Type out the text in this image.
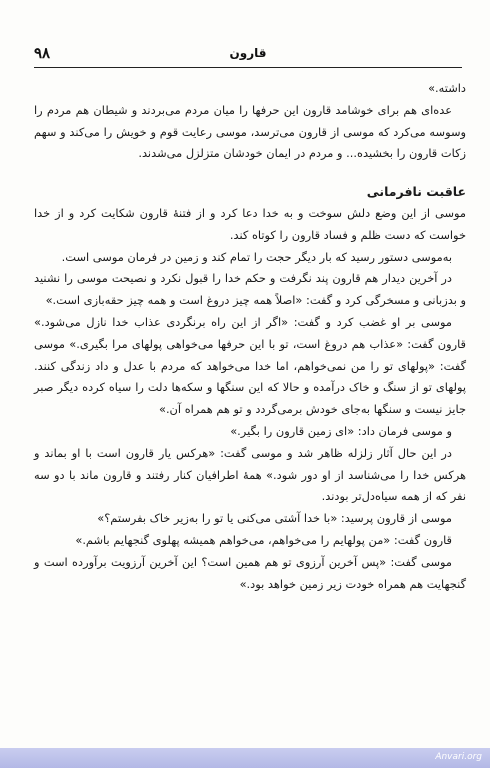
۹۸	قارون

داشته.»

عده‌ای هم برای خوشامد قارون این حرفها را میان مردم می‌بردند و شیطان هم مردم را وسوسه می‌کرد که موسی از قارون می‌ترسد، موسی رعایت قوم و خویش را می‌کند و سهم زکات قارون را بخشیده... و مردم در ایمان خودشان متزلزل می‌شدند.

عاقبت نافرمانی

موسی از این وضع دلش سوخت و به خدا دعا کرد و از فتنهٔ قارون شکایت کرد و از خدا خواست که دست ظلم و فساد قارون را کوتاه کند.

به‌موسی دستور رسید که بار دیگر حجت را تمام کند و زمین در فرمان موسی است.

در آخرین دیدار هم قارون پند نگرفت و حکم خدا را قبول نکرد و نصیحت موسی را نشنید و بدزبانی و مسخرگی کرد و گفت: «اصلاً همه چیز دروغ است و همه چیز حقه‌بازی است.»

موسی بر او غضب کرد و گفت: «اگر از این راه برنگردی عذاب خدا نازل می‌شود.» قارون گفت: «عذاب هم دروغ است، تو با این حرفها می‌خواهی پولهای مرا بگیری.» موسی گفت: «پولهای تو را من نمی‌خواهم، اما خدا می‌خواهد که مردم با عدل و داد زندگی کنند. پولهای تو از سنگ و خاک درآمده و حالا که این سنگها و سکه‌ها دلت را سیاه کرده دیگر صبر جایز نیست و سنگها به‌جای خودش برمی‌گردد و تو هم همراه آن.»

و موسی فرمان داد: «ای زمین قارون را بگیر.»

در این حال آثار زلزله ظاهر شد و موسی گفت: «هرکس یار قارون است با او بماند و هرکس خدا را می‌شناسد از او دور شود.» همهٔ اطرافیان کنار رفتند و قارون ماند با دو سه نفر که از همه سیاه‌دل‌تر بودند.

موسی از قارون پرسید: «با خدا آشتی می‌کنی یا تو را به‌زیر خاک بفرستم؟»

قارون گفت: «من پولهایم را می‌خواهم، می‌خواهم همیشه پهلوی گنجهایم باشم.»

موسی گفت: «پس آخرین آرزوی تو هم همین است؟ این آخرین آرزویت برآورده است و گنجهایت هم همراه خودت زیر زمین خواهد بود.»

Anvari.org
